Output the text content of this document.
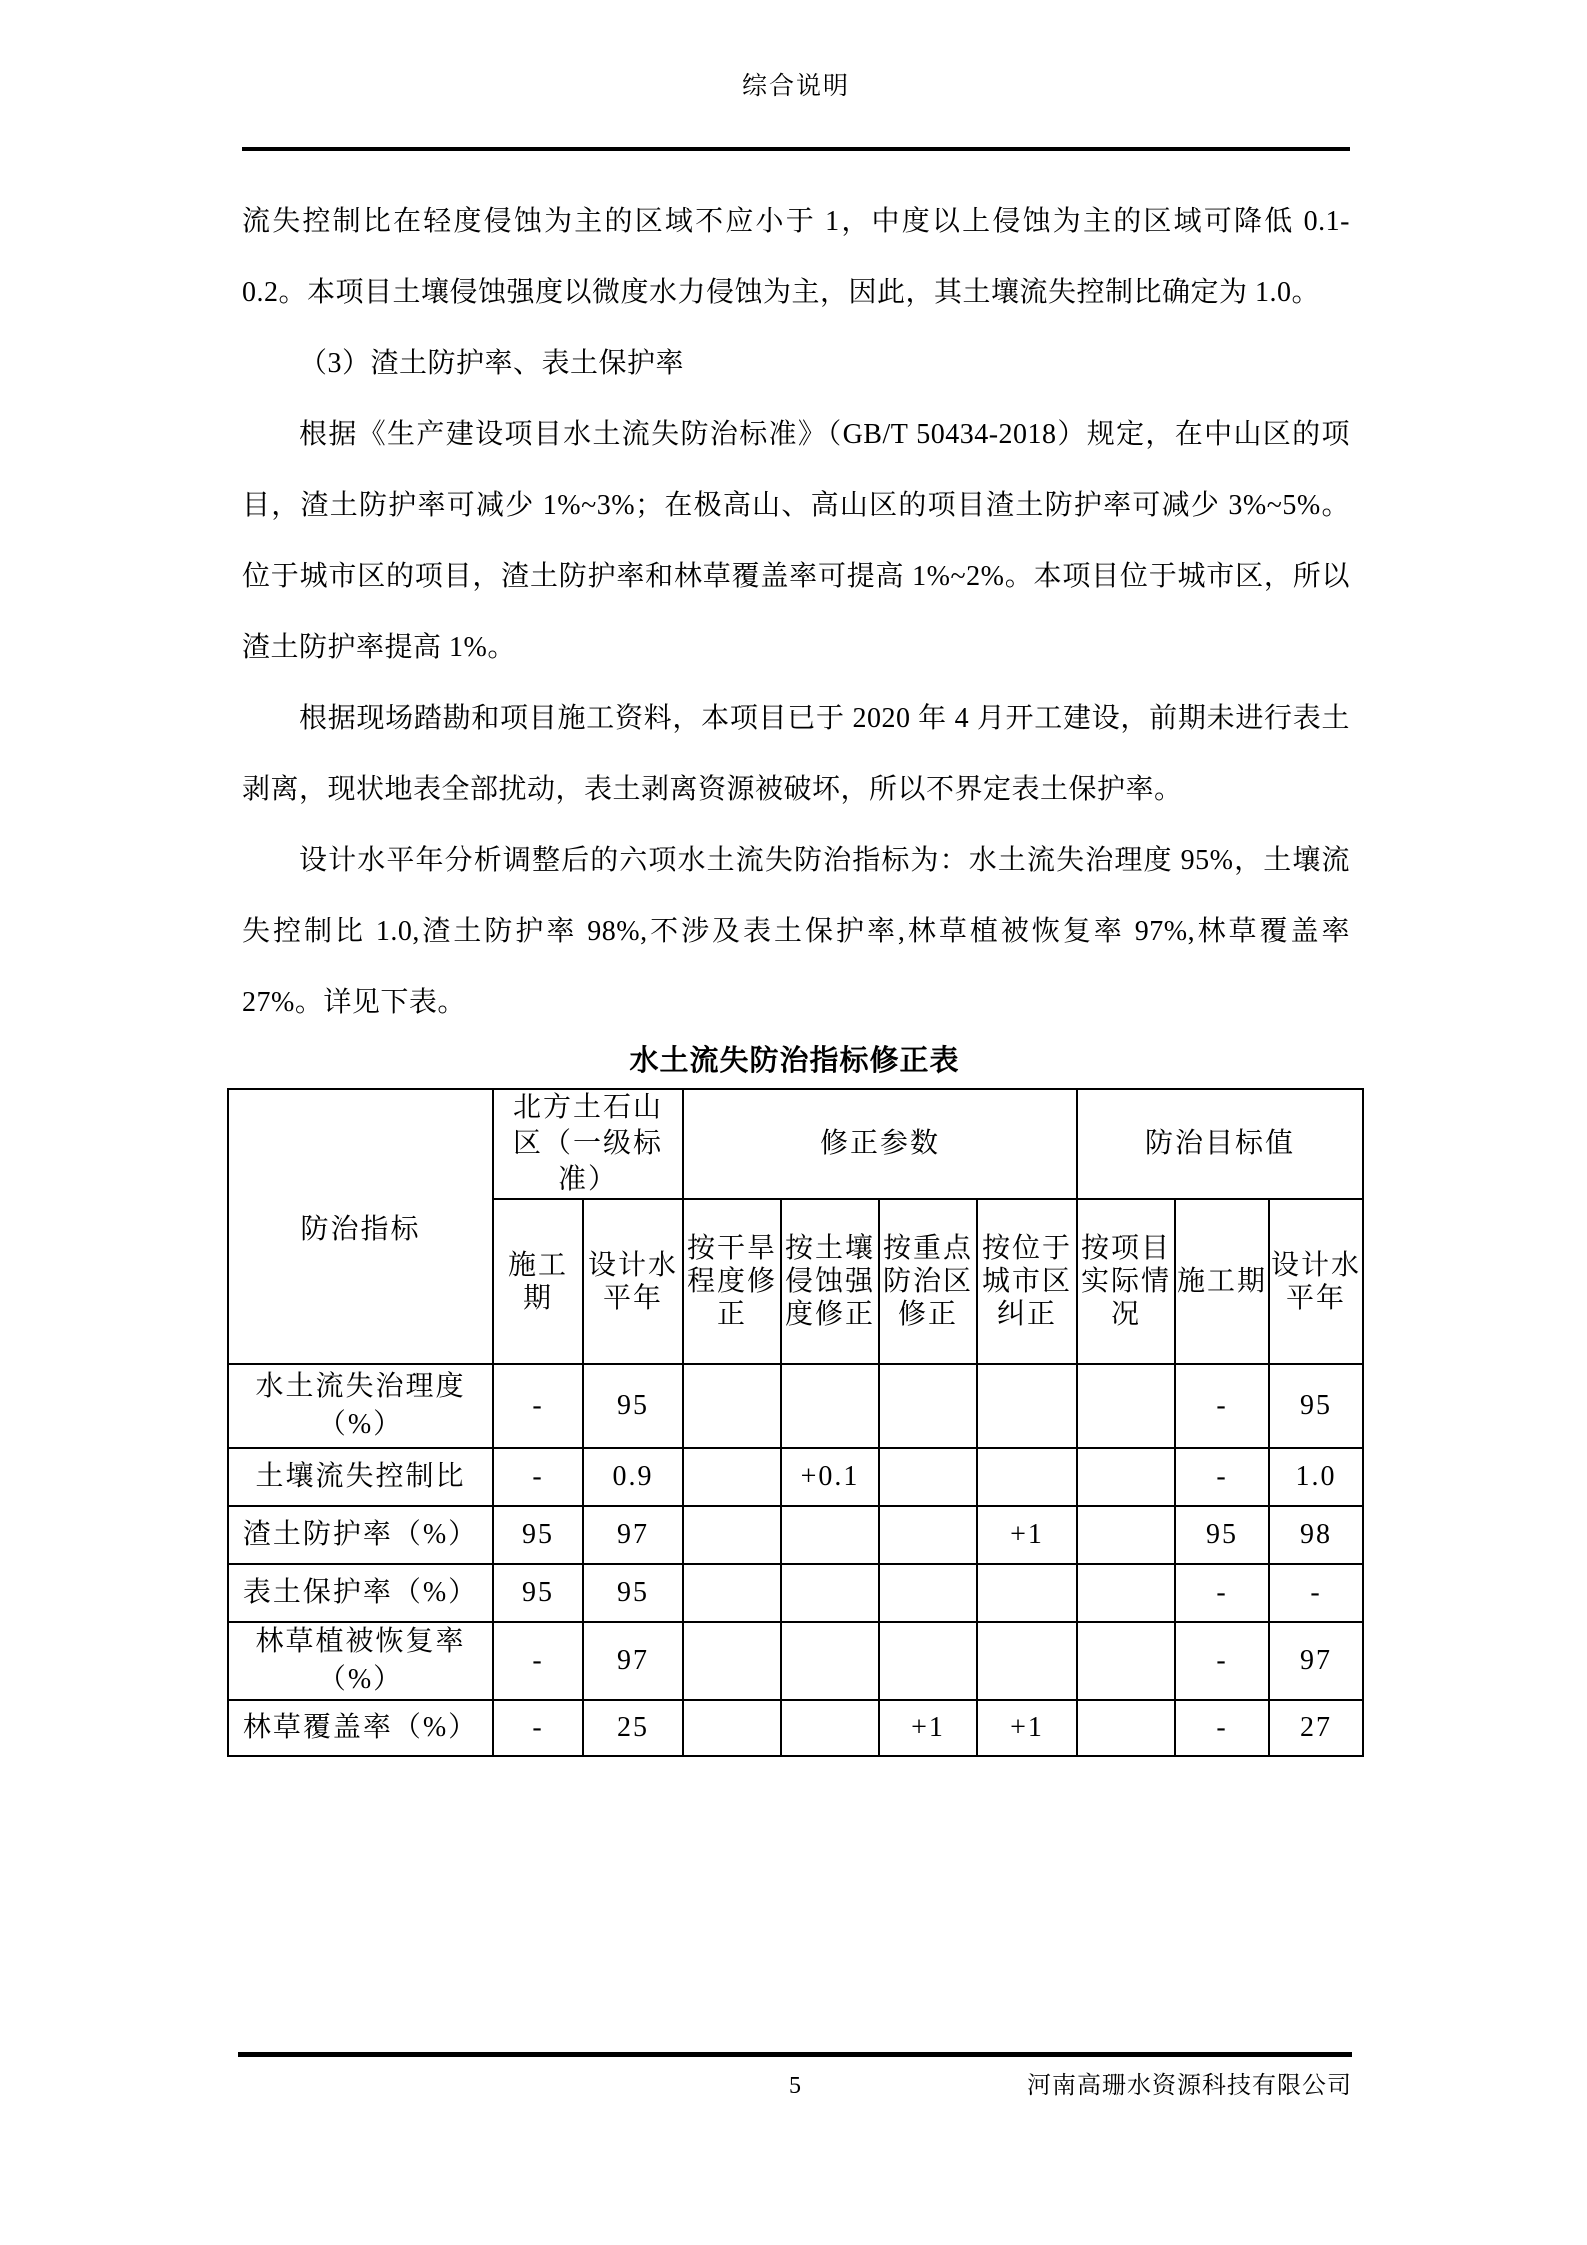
综合说明
流失控制比在轻度侵蚀为主的区域不应小于 1，中度以上侵蚀为主的区域可降低 0.1-0.2。本项目土壤侵蚀强度以微度水力侵蚀为主，因此，其土壤流失控制比确定为 1.0。
（3）渣土防护率、表土保护率
根据《生产建设项目水土流失防治标准》（GB/T 50434-2018）规定，在中山区的项目，渣土防护率可减少 1%~3%；在极高山、高山区的项目渣土防护率可减少 3%~5%。位于城市区的项目，渣土防护率和林草覆盖率可提高 1%~2%。本项目位于城市区，所以渣土防护率提高 1%。
根据现场踏勘和项目施工资料，本项目已于 2020 年 4 月开工建设，前期未进行表土剥离，现状地表全部扰动，表土剥离资源被破坏，所以不界定表土保护率。
设计水平年分析调整后的六项水土流失防治指标为：水土流失治理度 95%，土壤流失控制比 1.0,渣土防护率 98%,不涉及表土保护率,林草植被恢复率 97%,林草覆盖率 27%。详见下表。
水土流失防治指标修正表
防治指标	北方土石山区（一级标准）		修正参数				防治目标值		
	施工期	设计水平年	按干旱程度修正	按土壤侵蚀强度修正	按重点防治区修正	按位于城市区纠正	按项目实际情况	施工期	设计水平年
水土流失治理度（%）	-	95						-	95
土壤流失控制比	-	0.9		+0.1				-	1.0
渣土防护率（%）	95	97				+1		95	98
表土保护率（%）	95	95						-	-
林草植被恢复率（%）	-	97						-	97
林草覆盖率（%）	-	25			+1	+1		-	27
5	河南高珊水资源科技有限公司
